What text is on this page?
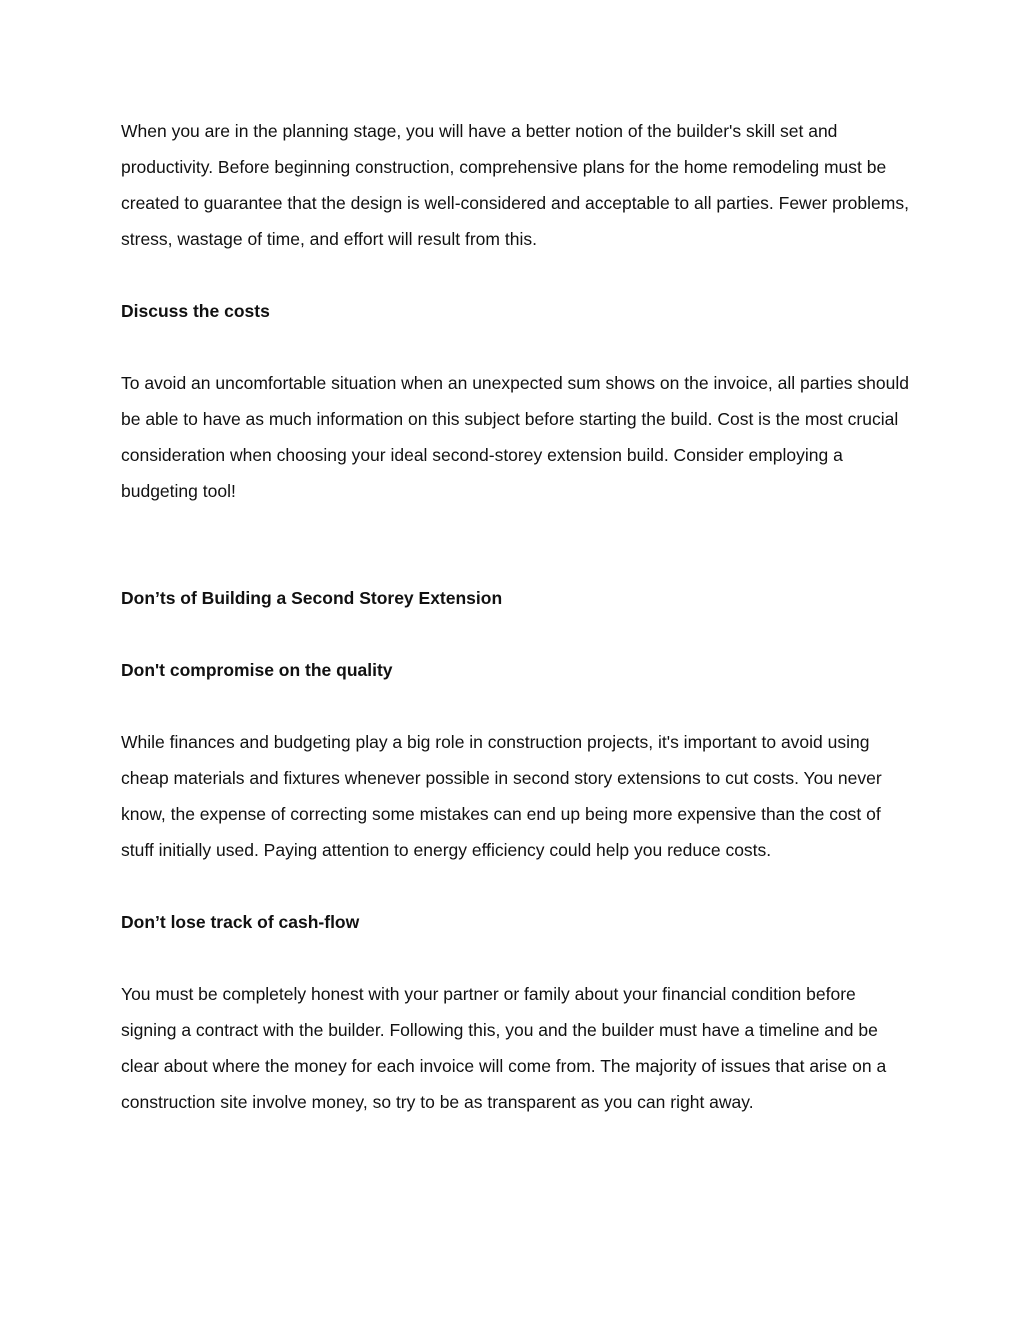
When you are in the planning stage, you will have a better notion of the builder's skill set and productivity. Before beginning construction, comprehensive plans for the home remodeling must be created to guarantee that the design is well-considered and acceptable to all parties. Fewer problems, stress, wastage of time, and effort will result from this.

Discuss the costs

To avoid an uncomfortable situation when an unexpected sum shows on the invoice, all parties should be able to have as much information on this subject before starting the build. Cost is the most crucial consideration when choosing your ideal second-storey extension build. Consider employing a budgeting tool!

Don’ts of Building a Second Storey Extension

Don't compromise on the quality

While finances and budgeting play a big role in construction projects, it's important to avoid using cheap materials and fixtures whenever possible in second story extensions to cut costs. You never know, the expense of correcting some mistakes can end up being more expensive than the cost of stuff initially used. Paying attention to energy efficiency could help you reduce costs.

Don’t lose track of cash-flow

You must be completely honest with your partner or family about your financial condition before signing a contract with the builder. Following this, you and the builder must have a timeline and be clear about where the money for each invoice will come from. The majority of issues that arise on a construction site involve money, so try to be as transparent as you can right away.
